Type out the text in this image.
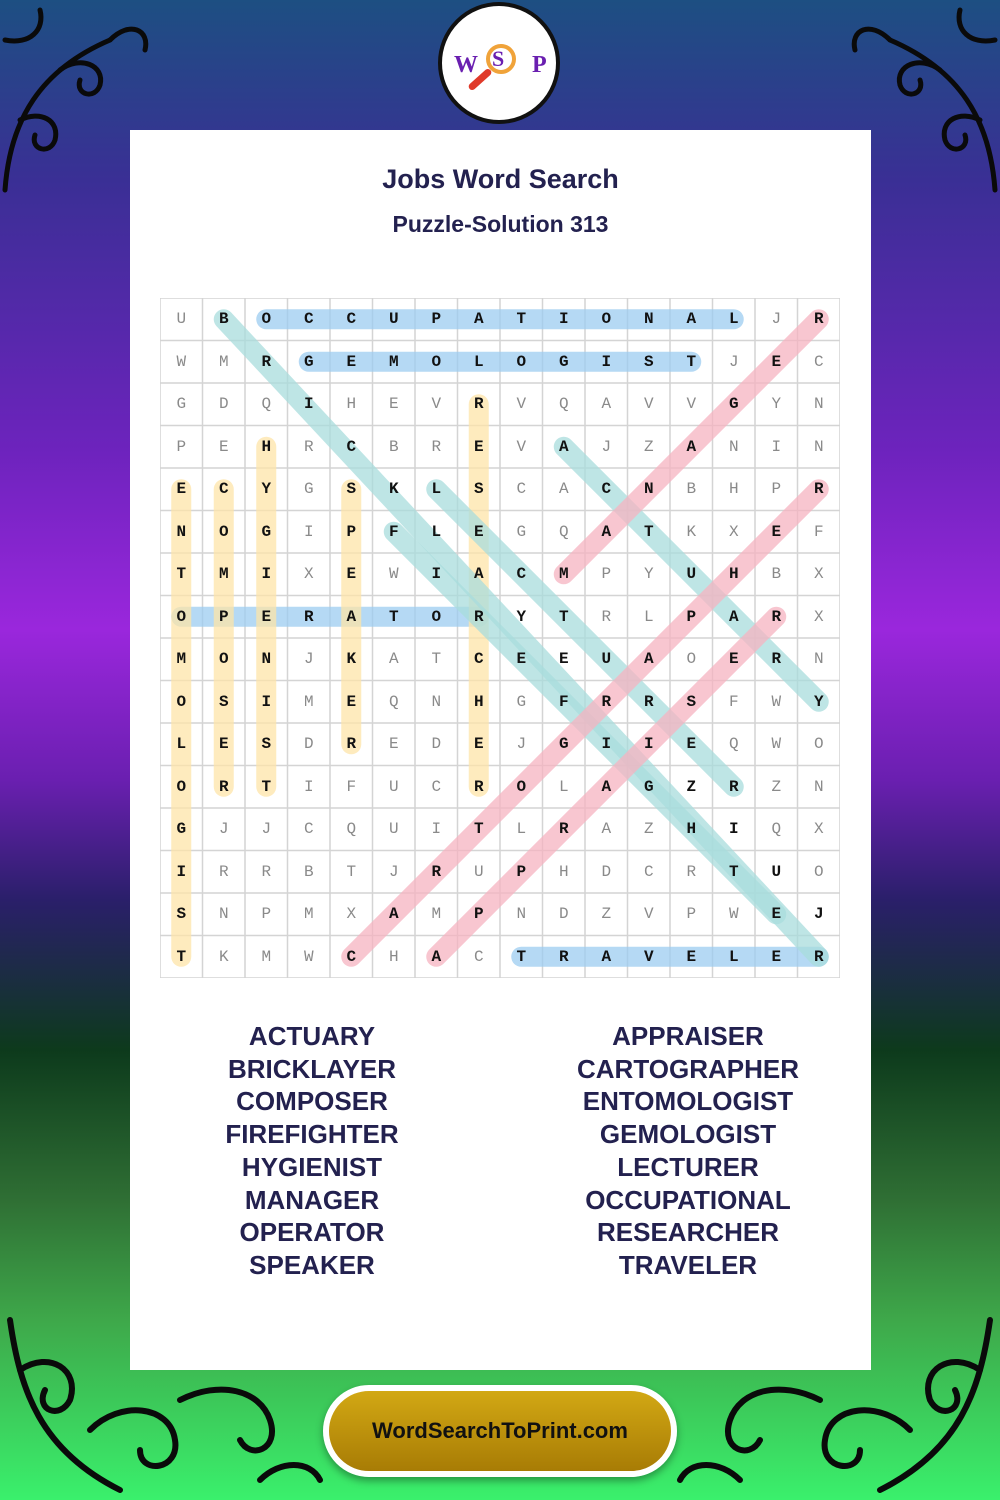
W S P
Jobs Word Search
Puzzle-Solution 313
U	B	O	C	C	U	P	A	T	I	O	N	A	L	J	R
W	M	R	G	E	M	O	L	O	G	I	S	T	J	E	C
G	D	Q	I	H	E	V	R	V	Q	A	V	V	G	Y	N
P	E	H	R	C	B	R	E	V	A	J	Z	A	N	I	N
E	C	Y	G	S	K	L	S	C	A	C	N	B	H	P	R
N	O	G	I	P	F	L	E	G	Q	A	T	K	X	E	F
T	M	I	X	E	W	I	A	C	M	P	Y	U	H	B	X
O	P	E	R	A	T	O	R	Y	T	R	L	P	A	R	X
M	O	N	J	K	A	T	C	E	E	U	A	O	E	R	N
O	S	I	M	E	Q	N	H	G	F	R	R	S	F	W	Y
L	E	S	D	R	E	D	E	J	G	I	I	E	Q	W	O
O	R	T	I	F	U	C	R	O	L	A	G	Z	R	Z	N
G	J	J	C	Q	U	I	T	L	R	A	Z	H	I	Q	X
I	R	R	B	T	J	R	U	P	H	D	C	R	T	U	O
S	N	P	M	X	A	M	P	N	D	Z	V	P	W	E	J
T	K	M	W	C	H	A	C	T	R	A	V	E	L	E	R
ACTUARY
BRICKLAYER
COMPOSER
FIREFIGHTER
HYGIENIST
MANAGER
OPERATOR
SPEAKER
APPRAISER
CARTOGRAPHER
ENTOMOLOGIST
GEMOLOGIST
LECTURER
OCCUPATIONAL
RESEARCHER
TRAVELER
WordSearchToPrint.com
